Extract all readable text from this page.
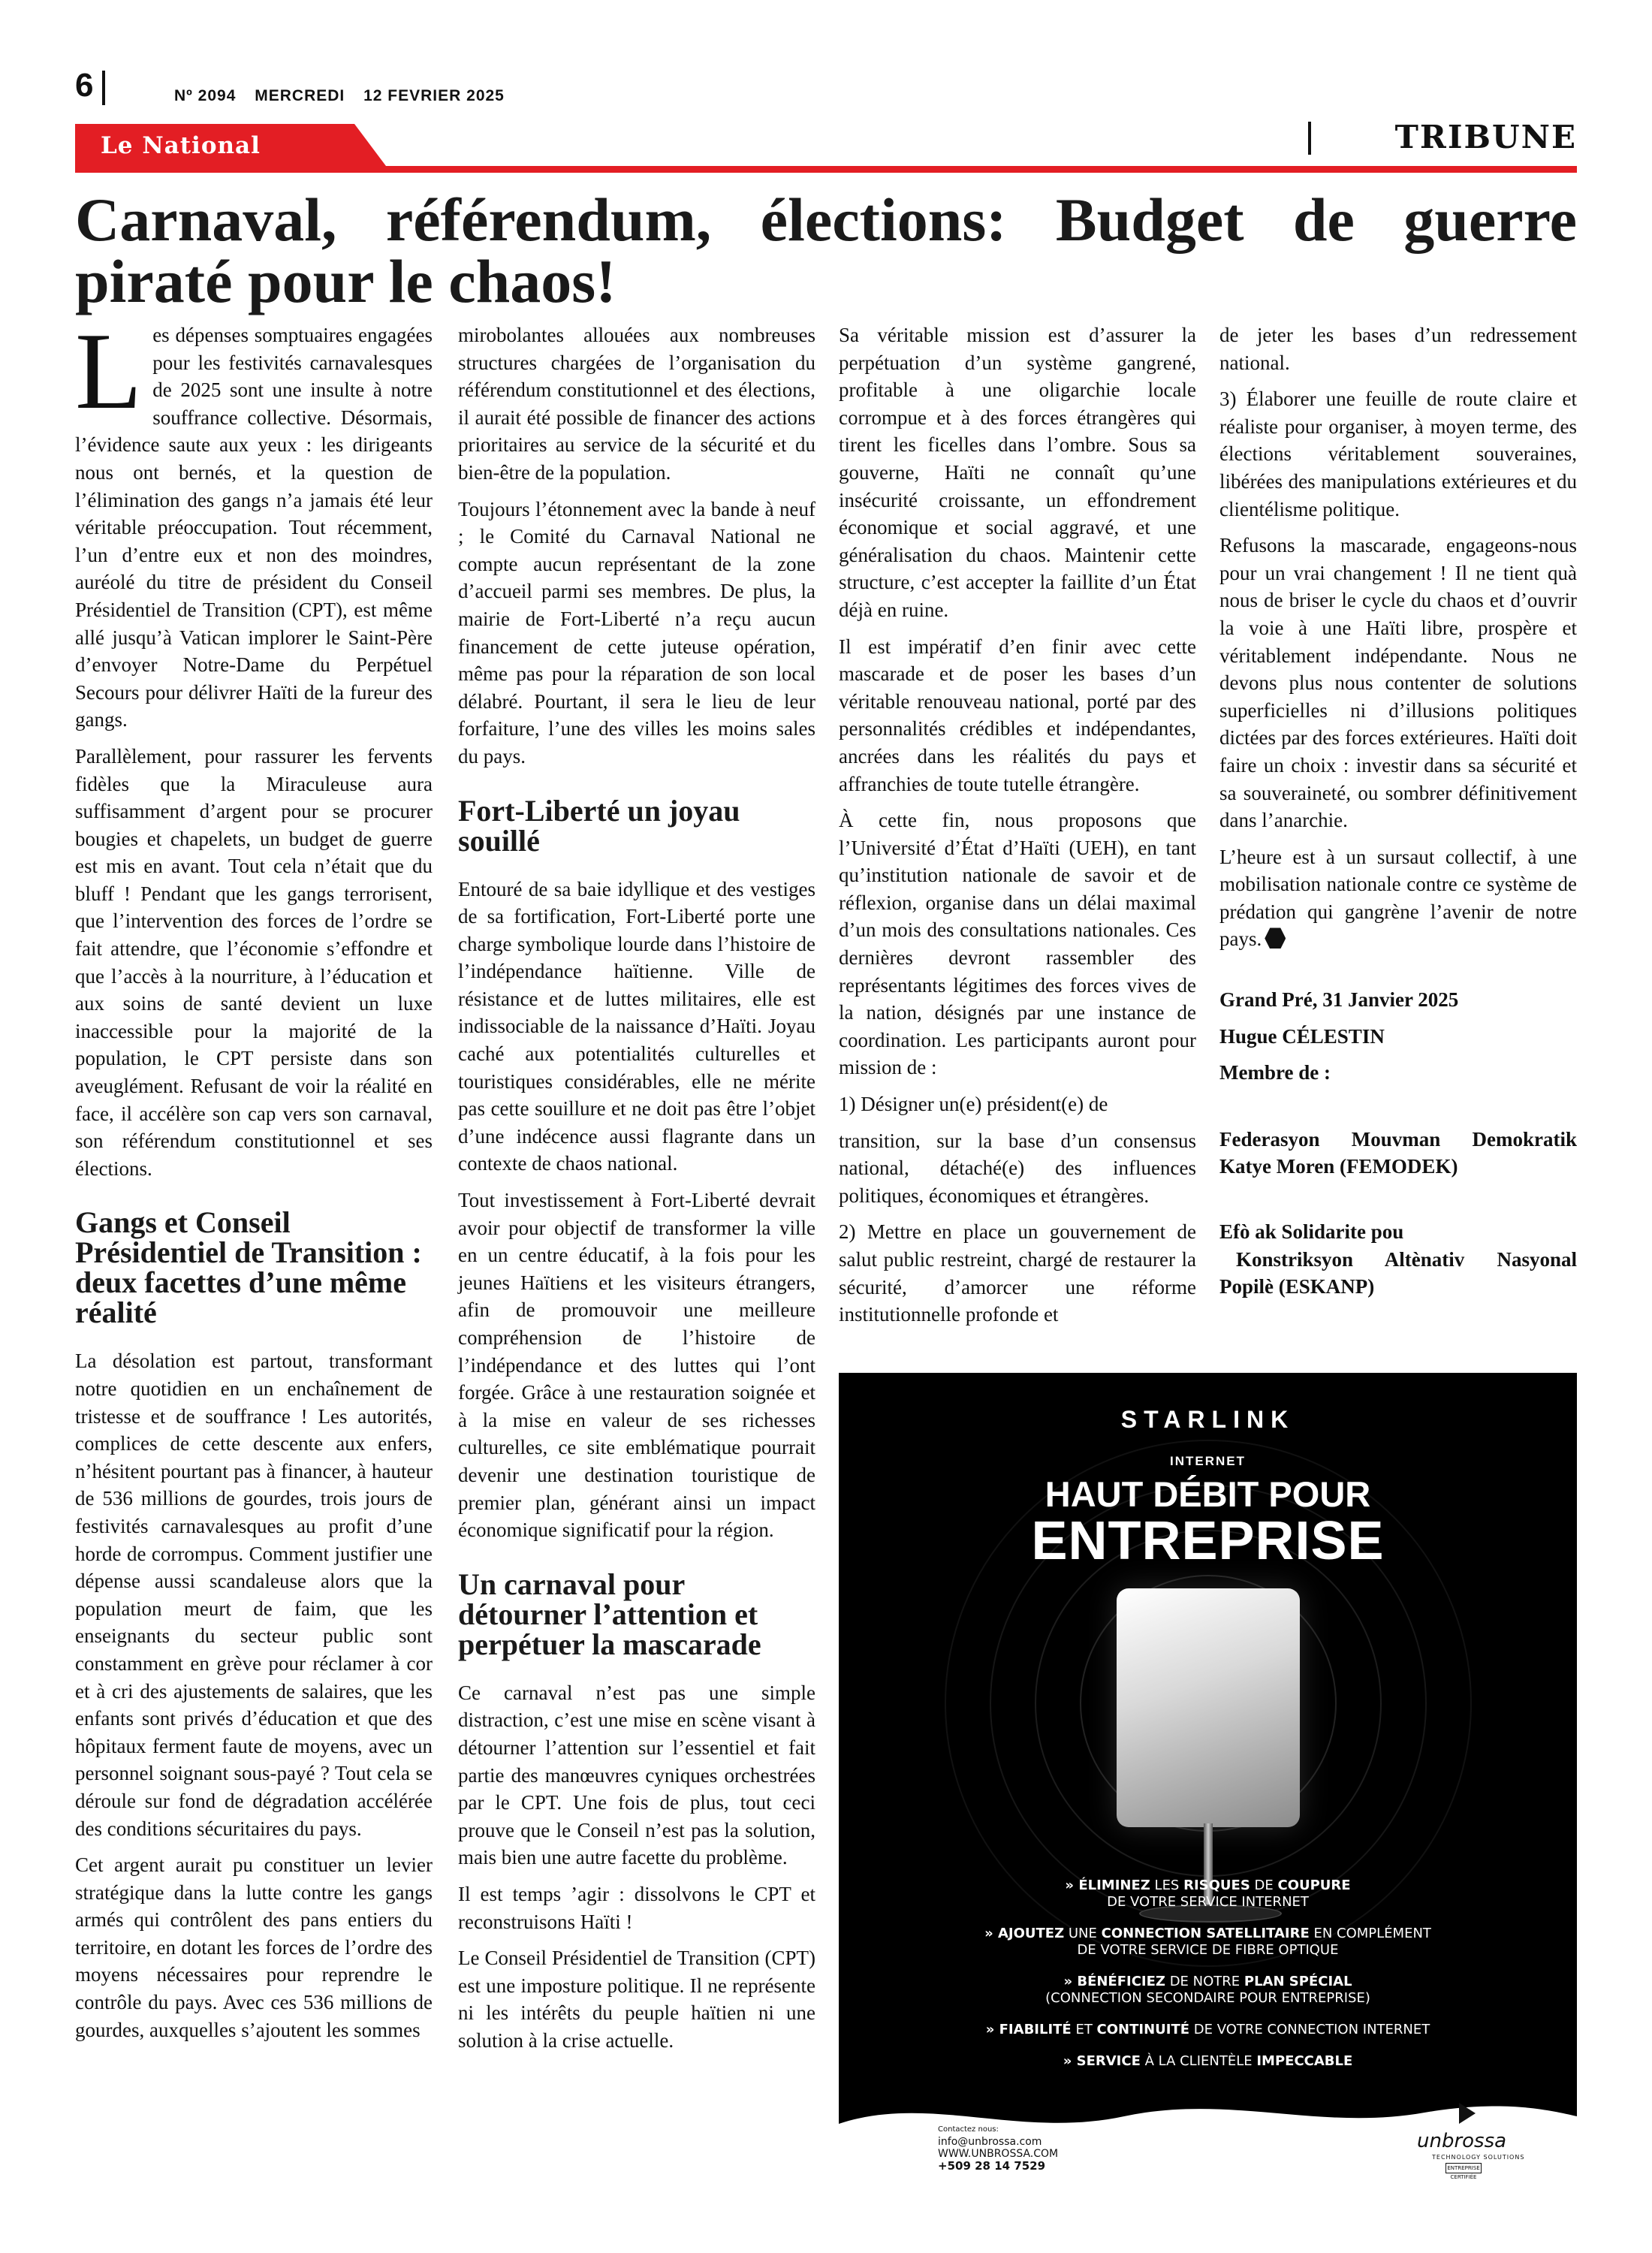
6	Nº 2094 MERCREDI 12 FEVRIER 2025
TRIBUNE
Le National
Carnaval, référendum, élections: Budget de guerre piraté pour le chaos!

Les dépenses somptuaires engagées pour les festivités carnavalesques de 2025 sont une insulte à notre souffrance collective. Désormais, l’évidence saute aux yeux : les dirigeants nous ont bernés, et la question de l’élimination des gangs n’a jamais été leur véritable préoccupation. Tout récemment, l’un d’entre eux et non des moindres, auréolé du titre de président du Conseil Présidentiel de Transition (CPT), est même allé jusqu’à Vatican implorer le Saint-Père d’envoyer Notre-Dame du Perpétuel Secours pour délivrer Haïti de la fureur des gangs.

Parallèlement, pour rassurer les fervents fidèles que la Miraculeuse aura suffisamment d’argent pour se procurer bougies et chapelets, un budget de guerre est mis en avant. Tout cela n’était que du bluff ! Pendant que les gangs terrorisent, que l’intervention des forces de l’ordre se fait attendre, que l’économie s’effondre et que l’accès à la nourriture, à l’éducation et aux soins de santé devient un luxe inaccessible pour la majorité de la population, le CPT persiste dans son aveuglément. Refusant de voir la réalité en face, il accélère son cap vers son carnaval, son référendum constitutionnel et ses élections.

Gangs et Conseil Présidentiel de Transition : deux facettes d’une même réalité

La désolation est partout, transformant notre quotidien en un enchaînement de tristesse et de souffrance ! Les autorités, complices de cette descente aux enfers, n’hésitent pourtant pas à financer, à hauteur de 536 millions de gourdes, trois jours de festivités carnavalesques au profit d’une horde de corrompus. Comment justifier une dépense aussi scandaleuse alors que la population meurt de faim, que les enseignants du secteur public sont constamment en grève pour réclamer à cor et à cri des ajustements de salaires, que les enfants sont privés d’éducation et que des hôpitaux ferment faute de moyens, avec un personnel soignant sous-payé ? Tout cela se déroule sur fond de dégradation accélérée des conditions sécuritaires du pays.

Cet argent aurait pu constituer un levier stratégique dans la lutte contre les gangs armés qui contrôlent des pans entiers du territoire, en dotant les forces de l’ordre des moyens nécessaires pour reprendre le contrôle du pays. Avec ces 536 millions de gourdes, auxquelles s’ajoutent les sommes

mirobolantes allouées aux nombreuses structures chargées de l’organisation du référendum constitutionnel et des élections, il aurait été possible de financer des actions prioritaires au service de la sécurité et du bien-être de la population.

Toujours l’étonnement avec la bande à neuf ; le Comité du Carnaval National ne compte aucun représentant de la zone d’accueil parmi ses membres. De plus, la mairie de Fort-Liberté n’a reçu aucun financement de cette juteuse opération, même pas pour la réparation de son local délabré. Pourtant, il sera le lieu de leur forfaiture, l’une des villes les moins sales du pays.

Fort-Liberté un joyau souillé

Entouré de sa baie idyllique et des vestiges de sa fortification, Fort-Liberté porte une charge symbolique lourde dans l’histoire de l’indépendance haïtienne. Ville de résistance et de luttes militaires, elle est indissociable de la naissance d’Haïti. Joyau caché aux potentialités culturelles et touristiques considérables, elle ne mérite pas cette souillure et ne doit pas être l’objet d’une indécence aussi flagrante dans un contexte de chaos national.

Tout investissement à Fort-Liberté devrait avoir pour objectif de transformer la ville en un centre éducatif, à la fois pour les jeunes Haïtiens et les visiteurs étrangers, afin de promouvoir une meilleure compréhension de l’histoire de l’indépendance et des luttes qui l’ont forgée. Grâce à une restauration soignée et à la mise en valeur de ses richesses culturelles, ce site emblématique pourrait devenir une destination touristique de premier plan, générant ainsi un impact économique significatif pour la région.

Un carnaval pour détourner l’attention et perpétuer la mascarade

Ce carnaval n’est pas une simple distraction, c’est une mise en scène visant à détourner l’attention sur l’essentiel et fait partie des manœuvres cyniques orchestrées par le CPT. Une fois de plus, tout ceci prouve que le Conseil n’est pas la solution, mais bien une autre facette du problème.

Il est temps ’agir : dissolvons le CPT et reconstruisons Haïti !

Le Conseil Présidentiel de Transition (CPT) est une imposture politique. Il ne représente ni les intérêts du peuple haïtien ni une solution à la crise actuelle.

Sa véritable mission est d’assurer la perpétuation d’un système gangrené, profitable à une oligarchie locale corrompue et à des forces étrangères qui tirent les ficelles dans l’ombre. Sous sa gouverne, Haïti ne connaît qu’une insécurité croissante, un effondrement économique et social aggravé, et une généralisation du chaos. Maintenir cette structure, c’est accepter la faillite d’un État déjà en ruine.

Il est impératif d’en finir avec cette mascarade et de poser les bases d’un véritable renouveau national, porté par des personnalités crédibles et indépendantes, ancrées dans les réalités du pays et affranchies de toute tutelle étrangère.

À cette fin, nous proposons que l’Université d’État d’Haïti (UEH), en tant qu’institution nationale de savoir et de réflexion, organise dans un délai maximal d’un mois des consultations nationales. Ces dernières devront rassembler des représentants légitimes des forces vives de la nation, désignés par une instance de coordination. Les participants auront pour mission de :

1) Désigner un(e) président(e) de

transition, sur la base d’un consensus national, détaché(e) des influences politiques, économiques et étrangères.

2) Mettre en place un gouvernement de salut public restreint, chargé de restaurer la sécurité, d’amorcer une réforme institutionnelle profonde et

de jeter les bases d’un redressement national.

3) Élaborer une feuille de route claire et réaliste pour organiser, à moyen terme, des élections véritablement souveraines, libérées des manipulations extérieures et du clientélisme politique.

Refusons la mascarade, engageons-nous pour un vrai changement ! Il ne tient quà nous de briser le cycle du chaos et d’ouvrir la voie à une Haïti libre, prospère et véritablement indépendante. Nous ne devons plus nous contenter de solutions superficielles ni d’illusions politiques dictées par des forces extérieures. Haïti doit faire un choix : investir dans sa sécurité et sa souveraineté, ou sombrer définitivement dans l’anarchie.

L’heure est à un sursaut collectif, à une mobilisation nationale contre ce système de prédation qui gangrène l’avenir de notre pays.

Grand Pré, 31 Janvier 2025

Hugue CÉLESTIN

Membre de :

Federasyon Mouvman Demokratik Katye Moren (FEMODEK)

Efò ak Solidarite pou

Konstriksyon Altènativ Nasyonal Popilè (ESKANP)

STARLINK
INTERNET
HAUT DÉBIT POUR
ENTREPRISE
» ÉLIMINEZ LES RISQUES DE COUPURE
DE VOTRE SERVICE INTERNET
» AJOUTEZ UNE CONNECTION SATELLITAIRE EN COMPLÉMENT
DE VOTRE SERVICE DE FIBRE OPTIQUE
» BÉNÉFICIEZ DE NOTRE PLAN SPÉCIAL
(CONNECTION SECONDAIRE POUR ENTREPRISE)
» FIABILITÉ ET CONTINUITÉ DE VOTRE CONNECTION INTERNET
» SERVICE À LA CLIENTÈLE IMPECCABLE
Contactez nous:
info@unbrossa.com
WWW.UNBROSSA.COM
+509 28 14 7529
unbrossa
TECHNOLOGY SOLUTIONS
ENTREPRISE CERTIFIÉE
